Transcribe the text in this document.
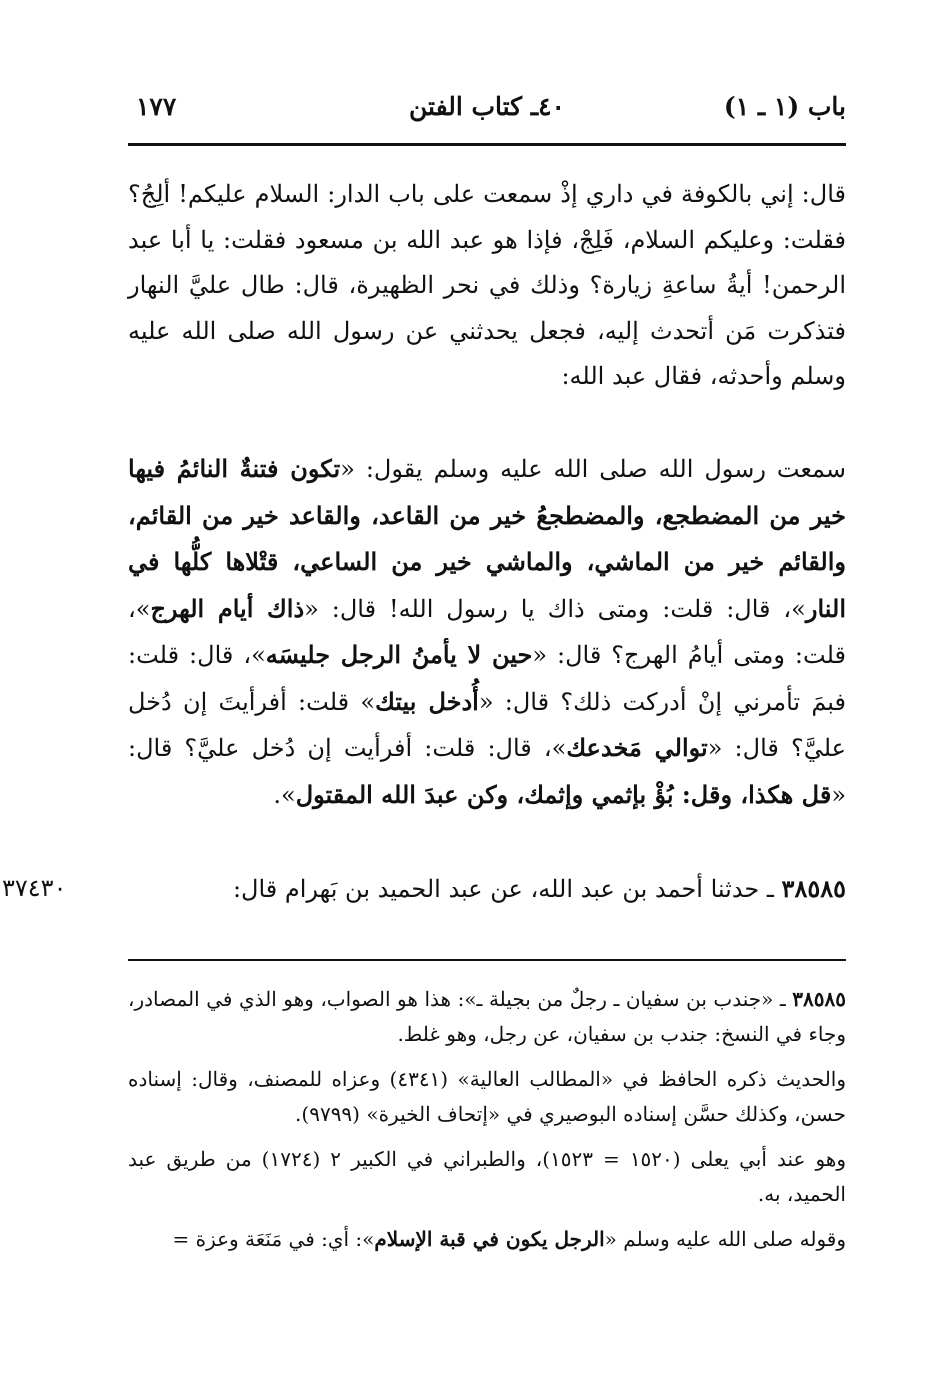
باب (١ ـ ١)
٤٠ـ كتاب الفتن
١٧٧
قال: إني بالكوفة في داري إذْ سمعت على باب الدار: السلام عليكم! ألِجُ؟ فقلت: وعليكم السلام، فَلِجْ، فإذا هو عبد الله بن مسعود فقلت: يا أبا عبد الرحمن! أيةُ ساعةِ زيارة؟ وذلك في نحر الظهيرة، قال: طال عليَّ النهار فتذكرت مَن أتحدث إليه، فجعل يحدثني عن رسول الله صلى الله عليه وسلم وأحدثه، فقال عبد الله:
سمعت رسول الله صلى الله عليه وسلم يقول: «تكون فتنةٌ النائمُ فيها خير من المضطجع، والمضطجعُ خير من القاعد، والقاعد خير من القائم، والقائم خير من الماشي، والماشي خير من الساعي، قتْلاها كلُّها في النار»، قال: قلت: ومتى ذاك يا رسول الله! قال: «ذاك أيام الهرج»، قلت: ومتى أيامُ الهرج؟ قال: «حين لا يأمنُ الرجل جليسَه»، قال: قلت: فبمَ تأمرني إنْ أدركت ذلك؟ قال: «أُدخل بيتك» قلت: أفرأيتَ إن دُخل عليَّ؟ قال: «توالي مَخدعك»، قال: قلت: أفرأيت إن دُخل عليَّ؟ قال: «قل هكذا، وقل: بُؤْ بإثمي وإثمك، وكن عبدَ الله المقتول».
٣٨٥٨٥ ـ حدثنا أحمد بن عبد الله، عن عبد الحميد بن بَهرام قال:
٣٧٤٣٠

٣٨٥٨٥ ـ «جندب بن سفيان ـ رجلٌ من بجيلة ـ»: هذا هو الصواب، وهو الذي في المصادر، وجاء في النسخ: جندب بن سفيان، عن رجل، وهو غلط.

والحديث ذكره الحافظ في «المطالب العالية» (٤٣٤١) وعزاه للمصنف، وقال: إسناده حسن، وكذلك حسَّن إسناده البوصيري في «إتحاف الخيرة» (٩٧٩٩).

وهو عند أبي يعلى (١٥٢٠ = ١٥٢٣)، والطبراني في الكبير ٢ (١٧٢٤) من طريق عبد الحميد، به.

وقوله صلى الله عليه وسلم «الرجل يكون في قبة الإسلام»: أي: في مَنَعَة وعزة =
